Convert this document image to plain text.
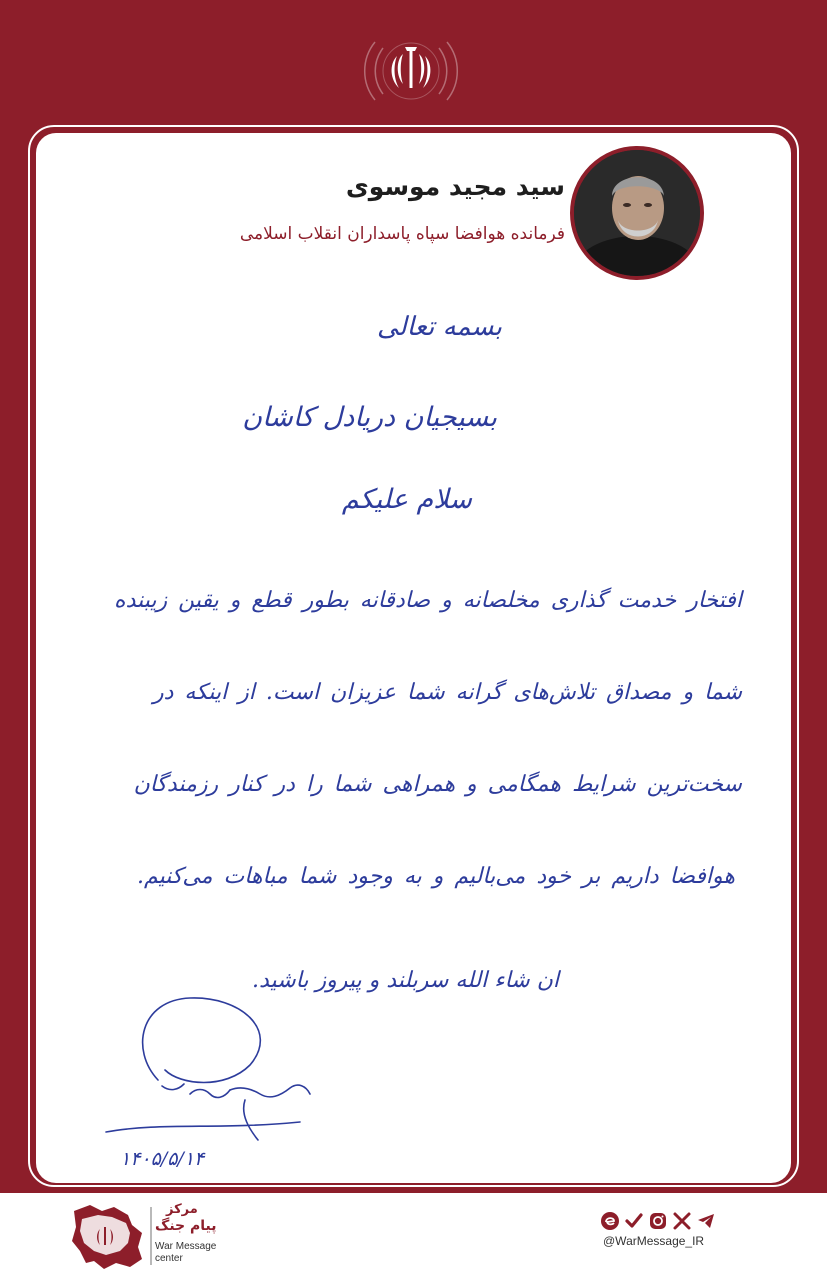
سید مجید موسوی
فرمانده هوافضا سپاه پاسداران انقلاب اسلامی
بسمه تعالی
بسیجیان دریادل کاشان
سلام علیکم
افتخار خدمت گذاری مخلصانه و صادقانه بطور قطع و یقین زیبنده
شما و مصداق تلاش‌های گرانه شما عزیزان است. از اینکه در
سخت‌ترین شرایط همگامی و همراهی شما را در کنار رزمندگان
هوافضا داریم بر خود می‌بالیم و به وجود شما مباهات می‌کنیم.
ان شاء الله سربلند و پیروز باشید.
۱۴۰۵/۵/۱۴
مرکز
پیام جنگ
War Message
center
@WarMessage_IR
